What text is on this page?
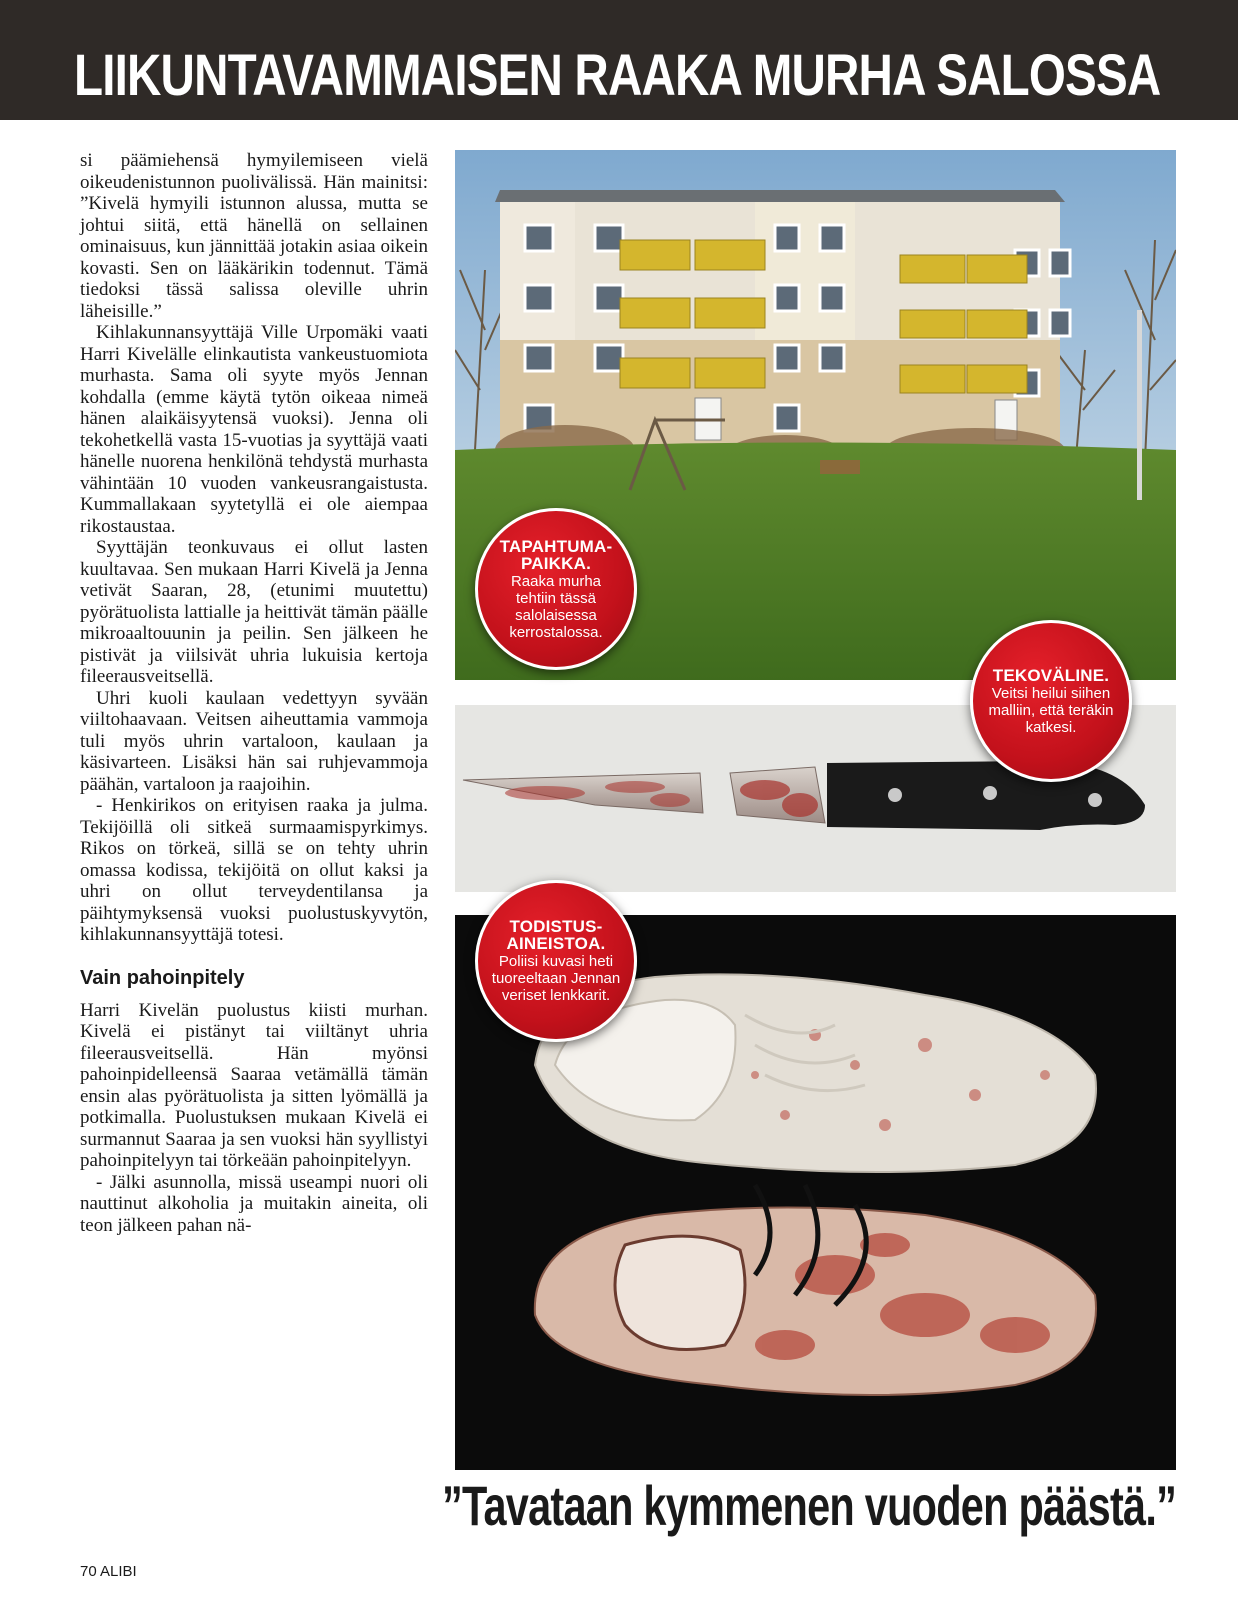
LIIKUNTAVAMMAISEN RAAKA MURHA SALOSSA

si päämiehensä hymyilemiseen vielä oikeudenistunnon puolivälissä. Hän mainitsi: ”Kivelä hymyili istunnon alussa, mutta se johtui siitä, että hänellä on sellainen ominaisuus, kun jännittää jotakin asiaa oikein kovasti. Sen on lääkärikin todennut. Tämä tiedoksi tässä salissa oleville uhrin läheisille.”

Kihlakunnansyyttäjä Ville Urpomäki vaati Harri Kivelälle elinkautista vankeustuomiota murhasta. Sama oli syyte myös Jennan kohdalla (emme käytä tytön oikeaa nimeä hänen alaikäisyytensä vuoksi). Jenna oli tekohetkellä vasta 15-vuotias ja syyttäjä vaati hänelle nuorena henkilönä tehdystä murhasta vähintään 10 vuoden vankeusrangaistusta. Kummallakaan syytetyllä ei ole aiempaa rikostaustaa.

Syyttäjän teonkuvaus ei ollut lasten kuultavaa. Sen mukaan Harri Kivelä ja Jenna vetivät Saaran, 28, (etunimi muutettu) pyörätuolista lattialle ja heittivät tämän päälle mikroaaltouunin ja peilin. Sen jälkeen he pistivät ja viilsivät uhria lukuisia kertoja fileerausveitsellä.

Uhri kuoli kaulaan vedettyyn syvään viiltohaavaan. Veitsen aiheuttamia vammoja tuli myös uhrin vartaloon, kaulaan ja käsivarteen. Lisäksi hän sai ruhjevammoja päähän, vartaloon ja raajoihin.

- Henkirikos on erityisen raaka ja julma. Tekijöillä oli sitkeä surmaamispyrkimys. Rikos on törkeä, sillä se on tehty uhrin omassa kodissa, tekijöitä on ollut kaksi ja uhri on ollut terveydentilansa ja päihtymyksensä vuoksi puolustuskyvytön, kihlakunnansyyttäjä totesi.

Vain pahoinpitely

Harri Kivelän puolustus kiisti murhan. Kivelä ei pistänyt tai viiltänyt uhria fileerausveitsellä. Hän myönsi pahoinpidelleensä Saaraa vetämällä tämän ensin alas pyörätuolista ja sitten lyömällä ja potkimalla. Puolustuksen mukaan Kivelä ei surmannut Saaraa ja sen vuoksi hän syyllistyi pahoinpitelyyn tai törkeään pahoinpitelyyn.

- Jälki asunnolla, missä useampi nuori oli nauttinut alkoholia ja muitakin aineita, oli teon jälkeen pahan nä-

TAPAHTUMA-PAIKKA.
Raaka murha tehtiin tässä salolaisessa kerrostalossa.
TEKOVÄLINE.
Veitsi heilui siihen malliin, että teräkin katkesi.
TODISTUS-AINEISTOA.
Poliisi kuvasi heti tuoreeltaan Jennan veriset lenkkarit.
”Tavataan kymmenen vuoden päästä.”
70 ALIBI
